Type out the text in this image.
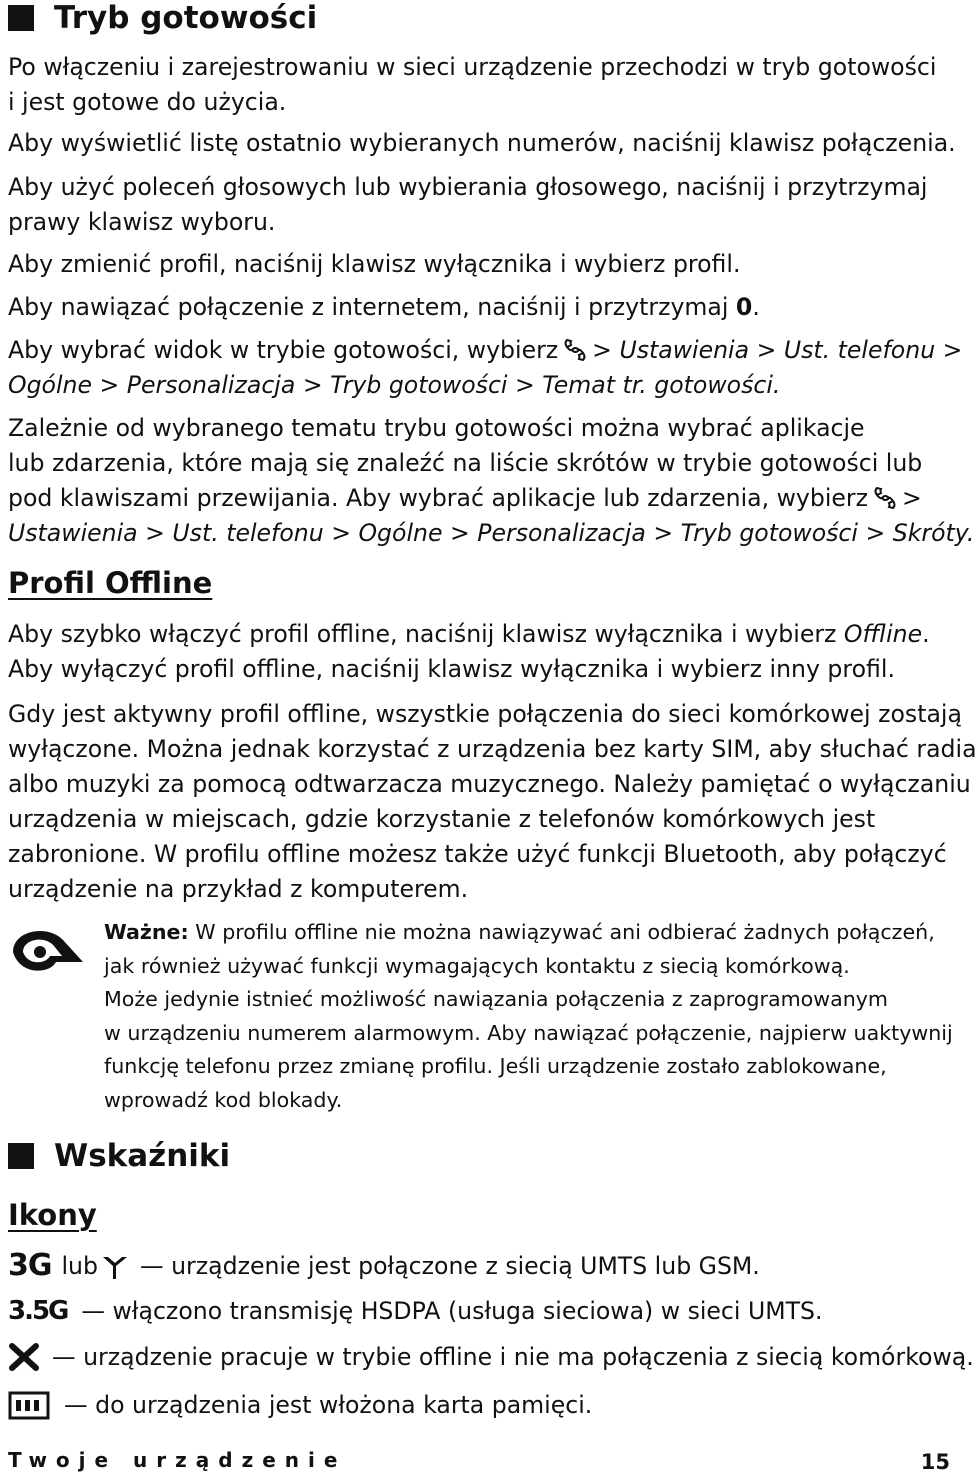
Tryb gotowości
Po włączeniu i zarejestrowaniu w sieci urządzenie przechodzi w tryb gotowości
i jest gotowe do użycia.
Aby wyświetlić listę ostatnio wybieranych numerów, naciśnij klawisz połączenia.
Aby użyć poleceń głosowych lub wybierania głosowego, naciśnij i przytrzymaj
prawy klawisz wyboru.
Aby zmienić profil, naciśnij klawisz wyłącznika i wybierz profil.
Aby nawiązać połączenie z internetem, naciśnij i przytrzymaj 0.
Aby wybrać widok w trybie gotowości, wybierz > Ustawienia > Ust. telefonu >
Ogólne > Personalizacja > Tryb gotowości > Temat tr. gotowości.
Zależnie od wybranego tematu trybu gotowości można wybrać aplikacje
lub zdarzenia, które mają się znaleźć na liście skrótów w trybie gotowości lub
pod klawiszami przewijania. Aby wybrać aplikacje lub zdarzenia, wybierz >
Ustawienia > Ust. telefonu > Ogólne > Personalizacja > Tryb gotowości > Skróty.
Profil Offline
Aby szybko włączyć profil offline, naciśnij klawisz wyłącznika i wybierz Offline.
Aby wyłączyć profil offline, naciśnij klawisz wyłącznika i wybierz inny profil.
Gdy jest aktywny profil offline, wszystkie połączenia do sieci komórkowej zostają
wyłączone. Można jednak korzystać z urządzenia bez karty SIM, aby słuchać radia
albo muzyki za pomocą odtwarzacza muzycznego. Należy pamiętać o wyłączaniu
urządzenia w miejscach, gdzie korzystanie z telefonów komórkowych jest
zabronione. W profilu offline możesz także użyć funkcji Bluetooth, aby połączyć
urządzenie na przykład z komputerem.
Ważne: W profilu offline nie można nawiązywać ani odbierać żadnych połączeń,
jak również używać funkcji wymagających kontaktu z siecią komórkową.
Może jedynie istnieć możliwość nawiązania połączenia z zaprogramowanym
w urządzeniu numerem alarmowym. Aby nawiązać połączenie, najpierw uaktywnij
funkcję telefonu przez zmianę profilu. Jeśli urządzenie zostało zablokowane,
wprowadź kod blokady.
Wskaźniki
Ikony
3G lub — urządzenie jest połączone z siecią UMTS lub GSM.
3.5G — włączono transmisję HSDPA (usługa sieciowa) w sieci UMTS.
— urządzenie pracuje w trybie offline i nie ma połączenia z siecią komórkową.
— do urządzenia jest włożona karta pamięci.
Twoje urządzenie	15
